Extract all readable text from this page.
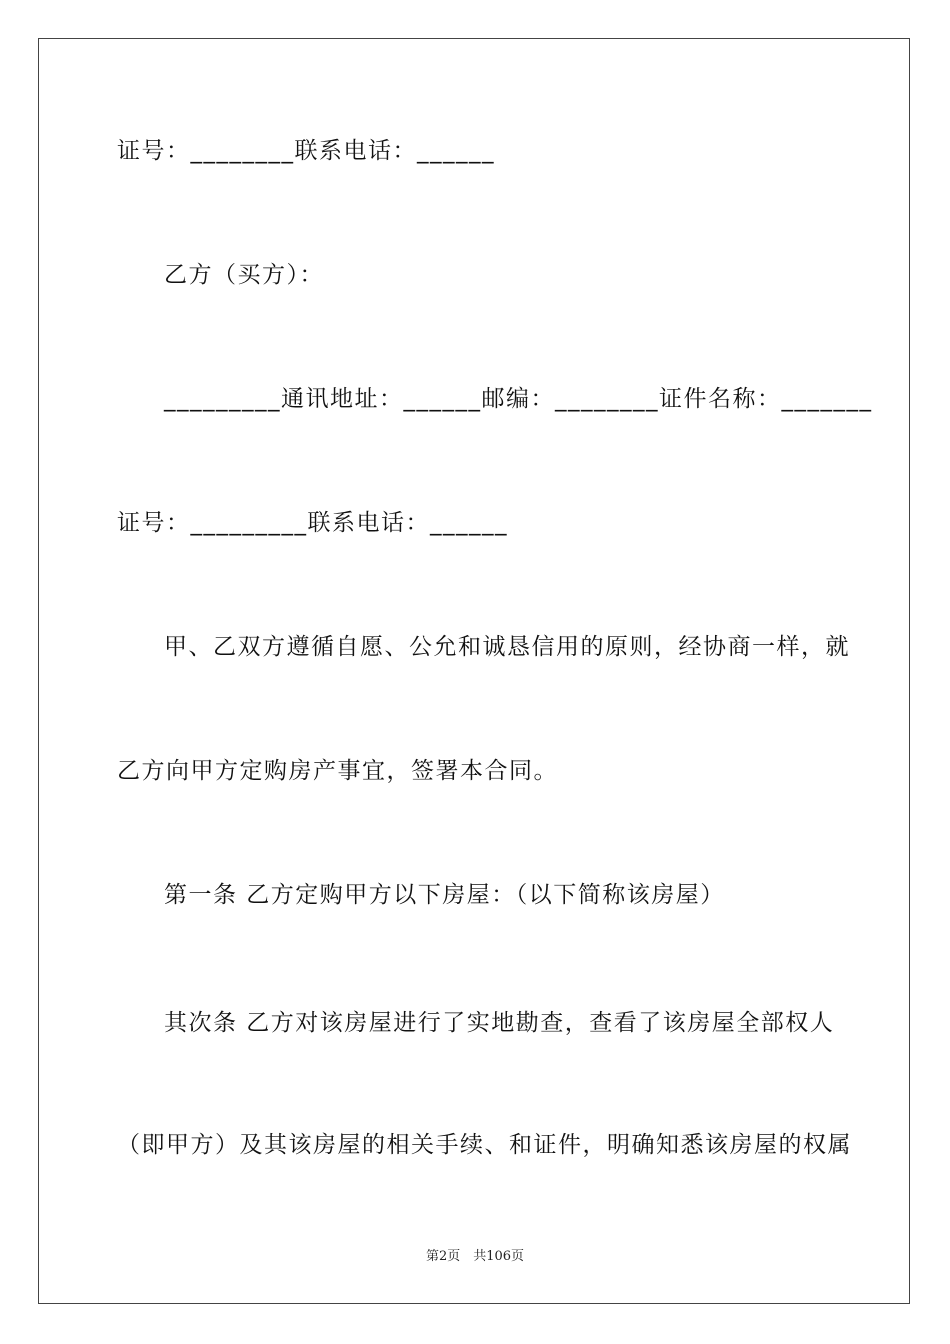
证号：________联系电话：______
乙方（买方）：
_________通讯地址：______邮编：________证件名称：_______
证号：_________联系电话：______
甲、乙双方遵循自愿、公允和诚恳信用的原则，经协商一样，就
乙方向甲方定购房产事宜，签署本合同。
第一条 乙方定购甲方以下房屋：（以下简称该房屋）
其次条 乙方对该房屋进行了实地勘查，查看了该房屋全部权人
（即甲方）及其该房屋的相关手续、和证件，明确知悉该房屋的权属
第2页　共106页
